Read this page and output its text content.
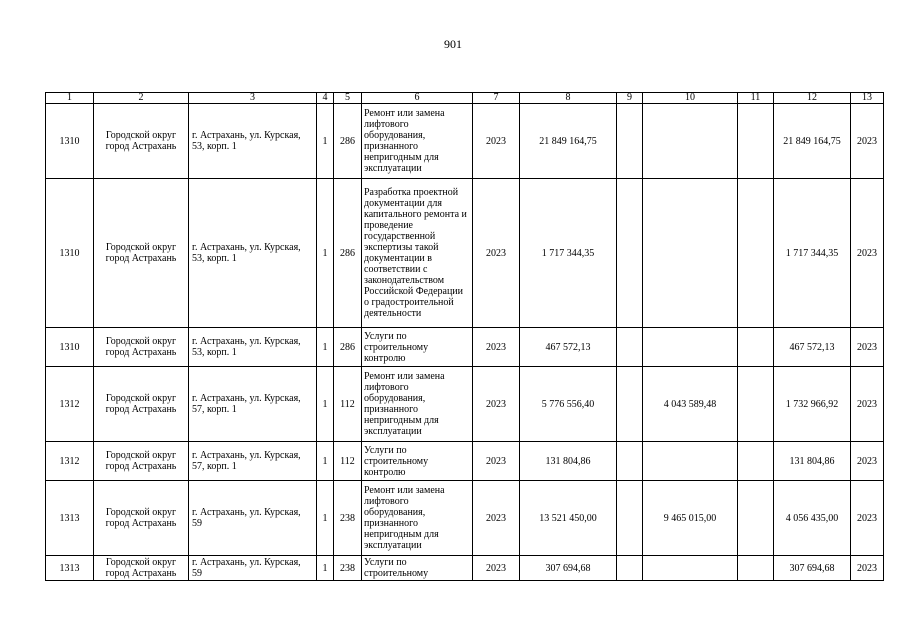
901
1	2	3	4	5	6	7	8	9	10	11	12	13
1310	Городской округ город Астрахань	г. Астрахань, ул. Курская, 53, корп. 1	1	286	Ремонт или замена лифтового оборудования, признанного непригодным для эксплуатации	2023	21 849 164,75				21 849 164,75	2023
1310	Городской округ город Астрахань	г. Астрахань, ул. Курская, 53, корп. 1	1	286	Разработка проектной документации для капитального ремонта и проведение государственной экспертизы такой документации в соответствии с законодательством Российской Федерации о градостроительной деятельности	2023	1 717 344,35				1 717 344,35	2023
1310	Городской округ город Астрахань	г. Астрахань, ул. Курская, 53, корп. 1	1	286	Услуги по строительному контролю	2023	467 572,13				467 572,13	2023
1312	Городской округ город Астрахань	г. Астрахань, ул. Курская, 57, корп. 1	1	112	Ремонт или замена лифтового оборудования, признанного непригодным для эксплуатации	2023	5 776 556,40		4 043 589,48		1 732 966,92	2023
1312	Городской округ город Астрахань	г. Астрахань, ул. Курская, 57, корп. 1	1	112	Услуги по строительному контролю	2023	131 804,86				131 804,86	2023
1313	Городской округ город Астрахань	г. Астрахань, ул. Курская, 59	1	238	Ремонт или замена лифтового оборудования, признанного непригодным для эксплуатации	2023	13 521 450,00		9 465 015,00		4 056 435,00	2023
1313	Городской округ город Астрахань	г. Астрахань, ул. Курская, 59	1	238	Услуги по строительному	2023	307 694,68				307 694,68	2023
